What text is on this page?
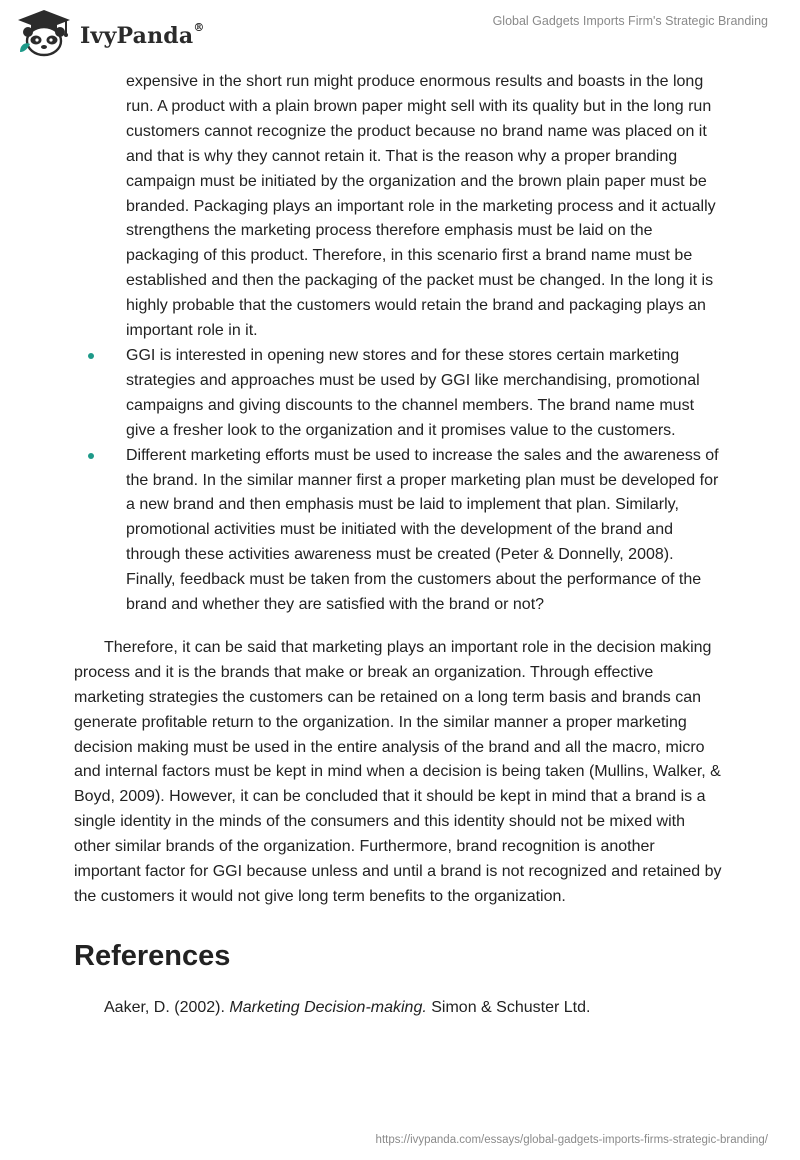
IvyPanda®	Global Gadgets Imports Firm's Strategic Branding
expensive in the short run might produce enormous results and boasts in the long run. A product with a plain brown paper might sell with its quality but in the long run customers cannot recognize the product because no brand name was placed on it and that is why they cannot retain it. That is the reason why a proper branding campaign must be initiated by the organization and the brown plain paper must be branded. Packaging plays an important role in the marketing process and it actually strengthens the marketing process therefore emphasis must be laid on the packaging of this product. Therefore, in this scenario first a brand name must be established and then the packaging of the packet must be changed. In the long it is highly probable that the customers would retain the brand and packaging plays an important role in it.
GGI is interested in opening new stores and for these stores certain marketing strategies and approaches must be used by GGI like merchandising, promotional campaigns and giving discounts to the channel members. The brand name must give a fresher look to the organization and it promises value to the customers.
Different marketing efforts must be used to increase the sales and the awareness of the brand. In the similar manner first a proper marketing plan must be developed for a new brand and then emphasis must be laid to implement that plan. Similarly, promotional activities must be initiated with the development of the brand and through these activities awareness must be created (Peter & Donnelly, 2008). Finally, feedback must be taken from the customers about the performance of the brand and whether they are satisfied with the brand or not?

Therefore, it can be said that marketing plays an important role in the decision making process and it is the brands that make or break an organization. Through effective marketing strategies the customers can be retained on a long term basis and brands can generate profitable return to the organization. In the similar manner a proper marketing decision making must be used in the entire analysis of the brand and all the macro, micro and internal factors must be kept in mind when a decision is being taken (Mullins, Walker, & Boyd, 2009). However, it can be concluded that it should be kept in mind that a brand is a single identity in the minds of the consumers and this identity should not be mixed with other similar brands of the organization. Furthermore, brand recognition is another important factor for GGI because unless and until a brand is not recognized and retained by the customers it would not give long term benefits to the organization.

References

Aaker, D. (2002). Marketing Decision-making. Simon & Schuster Ltd.

https://ivypanda.com/essays/global-gadgets-imports-firms-strategic-branding/
